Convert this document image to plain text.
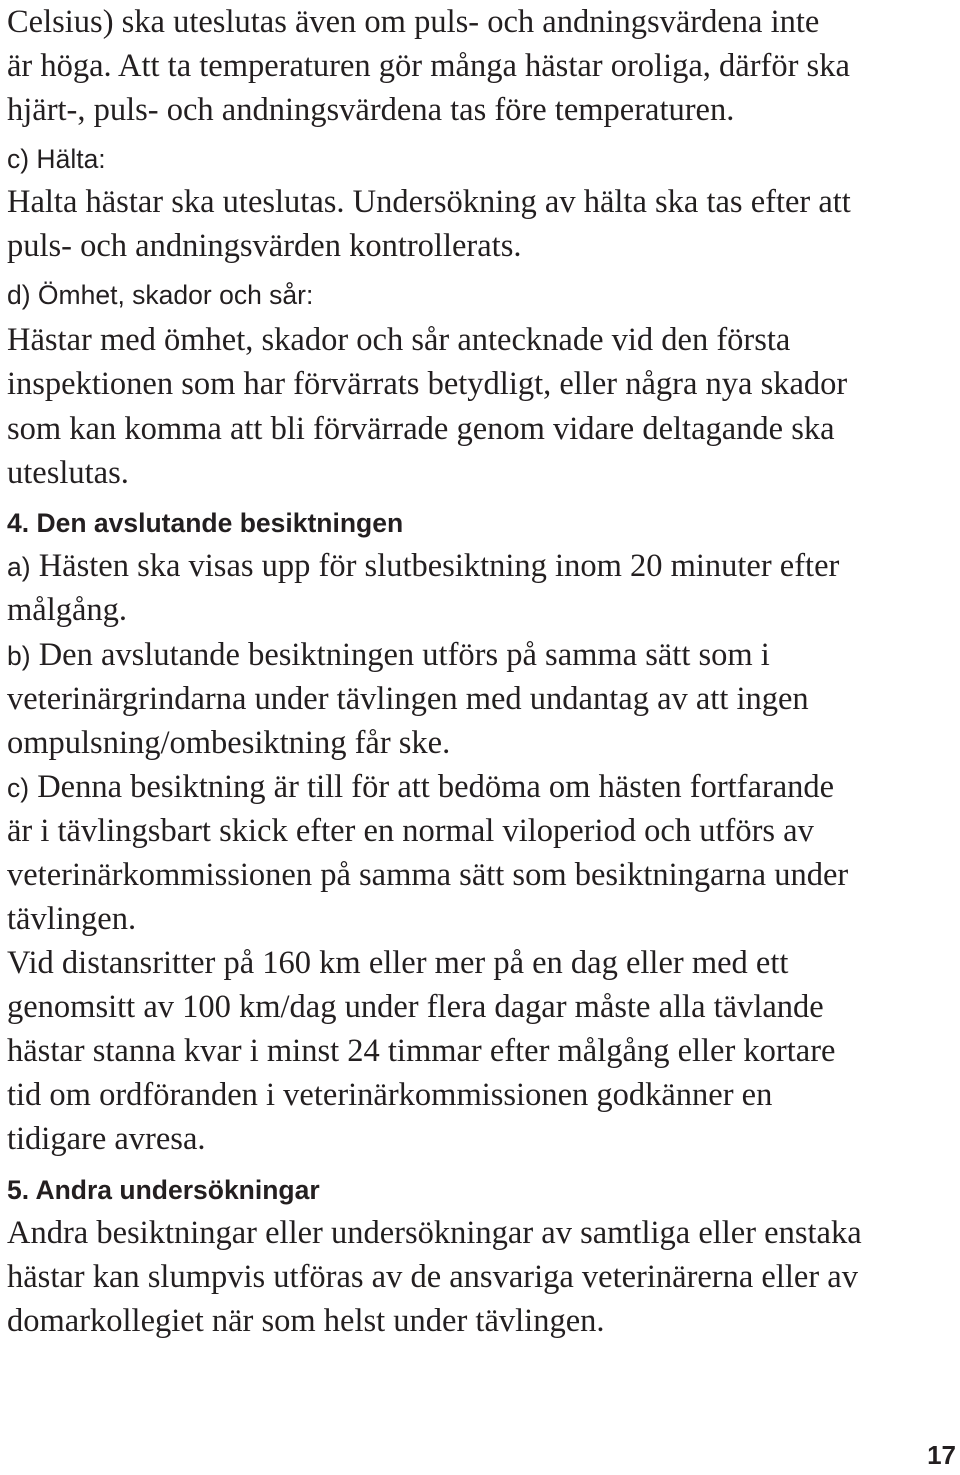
Celsius) ska uteslutas även om puls- och andningsvärdena inte
är höga. Att ta temperaturen gör många hästar oroliga, därför ska
hjärt-, puls- och andningsvärdena tas före temperaturen.
c) Hälta:
Halta hästar ska uteslutas. Undersökning av hälta ska tas efter att
puls- och andningsvärden kontrollerats.
d) Ömhet, skador och sår:
Hästar med ömhet, skador och sår antecknade vid den första
inspektionen som har förvärrats betydligt, eller några nya skador
som kan komma att bli förvärrade genom vidare deltagande ska
uteslutas.
4. Den avslutande besiktningen
a) Hästen ska visas upp för slutbesiktning inom 20 minuter efter
målgång.
b) Den avslutande besiktningen utförs på samma sätt som i
veterinärgrindarna under tävlingen med undantag av att ingen
ompulsning/ombesiktning får ske.
c) Denna besiktning är till för att bedöma om hästen fortfarande
är i tävlingsbart skick efter en normal viloperiod och utförs av
veterinärkommissionen på samma sätt som besiktningarna under
tävlingen.
Vid distansritter på 160 km eller mer på en dag eller med ett
genomsitt av 100 km/dag under flera dagar måste alla tävlande
hästar stanna kvar i minst 24 timmar efter målgång eller kortare
tid om ordföranden i veterinärkommissionen godkänner en
tidigare avresa.
5. Andra undersökningar
Andra besiktningar eller undersökningar av samtliga eller enstaka
hästar kan slumpvis utföras av de ansvariga veterinärerna eller av
domarkollegiet när som helst under tävlingen.
17
